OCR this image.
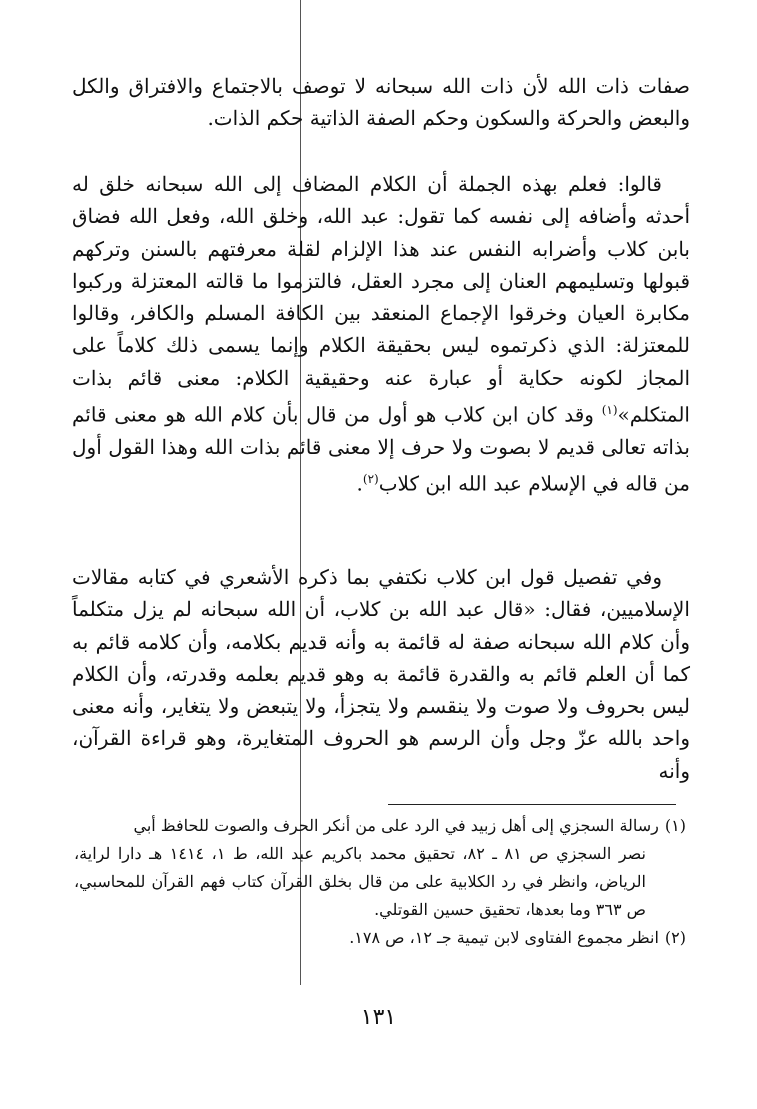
صفات ذات الله لأن ذات الله سبحانه لا توصف بالاجتماع والافتراق والكل والبعض والحركة والسكون وحكم الصفة الذاتية حكم الذات.

قالوا: فعلم بهذه الجملة أن الكلام المضاف إلى الله سبحانه خلق له أحدثه وأضافه إلى نفسه كما تقول: عبد الله، وخلق الله، وفعل الله فضاق بابن كلاب وأضرابه النفس عند هذا الإلزام لقلة معرفتهم بالسنن وتركهم قبولها وتسليمهم العنان إلى مجرد العقل، فالتزموا ما قالته المعتزلة وركبوا مكابرة العيان وخرقوا الإجماع المنعقد بين الكافة المسلم والكافر، وقالوا للمعتزلة: الذي ذكرتموه ليس بحقيقة الكلام وإنما يسمى ذلك كلاماً على المجاز لكونه حكاية أو عبارة عنه وحقيقية الكلام: معنى قائم بذات المتكلم»$^{(١)}$ وقد كان ابن كلاب هو أول من قال بأن كلام الله هو معنى قائم بذاته تعالى قديم لا بصوت ولا حرف إلا معنى قائم بذات الله وهذا القول أول من قاله في الإسلام عبد الله ابن كلاب$^{(٢)}$.

وفي تفصيل قول ابن كلاب نكتفي بما ذكره الأشعري في كتابه مقالات الإسلاميين، فقال: «قال عبد الله بن كلاب، أن الله سبحانه لم يزل متكلماً وأن كلام الله سبحانه صفة له قائمة به وأنه قديم بكلامه، وأن كلامه قائم به كما أن العلم قائم به والقدرة قائمة به وهو قديم بعلمه وقدرته، وأن الكلام ليس بحروف ولا صوت ولا ينقسم ولا يتجزأ، ولا يتبعض ولا يتغاير، وأنه معنى واحد بالله عزّ وجل وأن الرسم هو الحروف المتغايرة، وهو قراءة القرآن، وأنه

(١)رسالة السجزي إلى أهل زبيد في الرد على من أنكر الحرف والصوت للحافظ أبي

نصر السجزي ص ٨١ ـ ٨٢، تحقيق محمد باكريم عبد الله، ط ١، ١٤١٤ هـ دارا لراية، الرياض، وانظر في رد الكلابية على من قال بخلق القرآن كتاب فهم القرآن للمحاسبي، ص ٣٦٣ وما بعدها، تحقيق حسين القوتلي.

(٢)انظر مجموع الفتاوى لابن تيمية جـ ١٢، ص ١٧٨.

١٣١
